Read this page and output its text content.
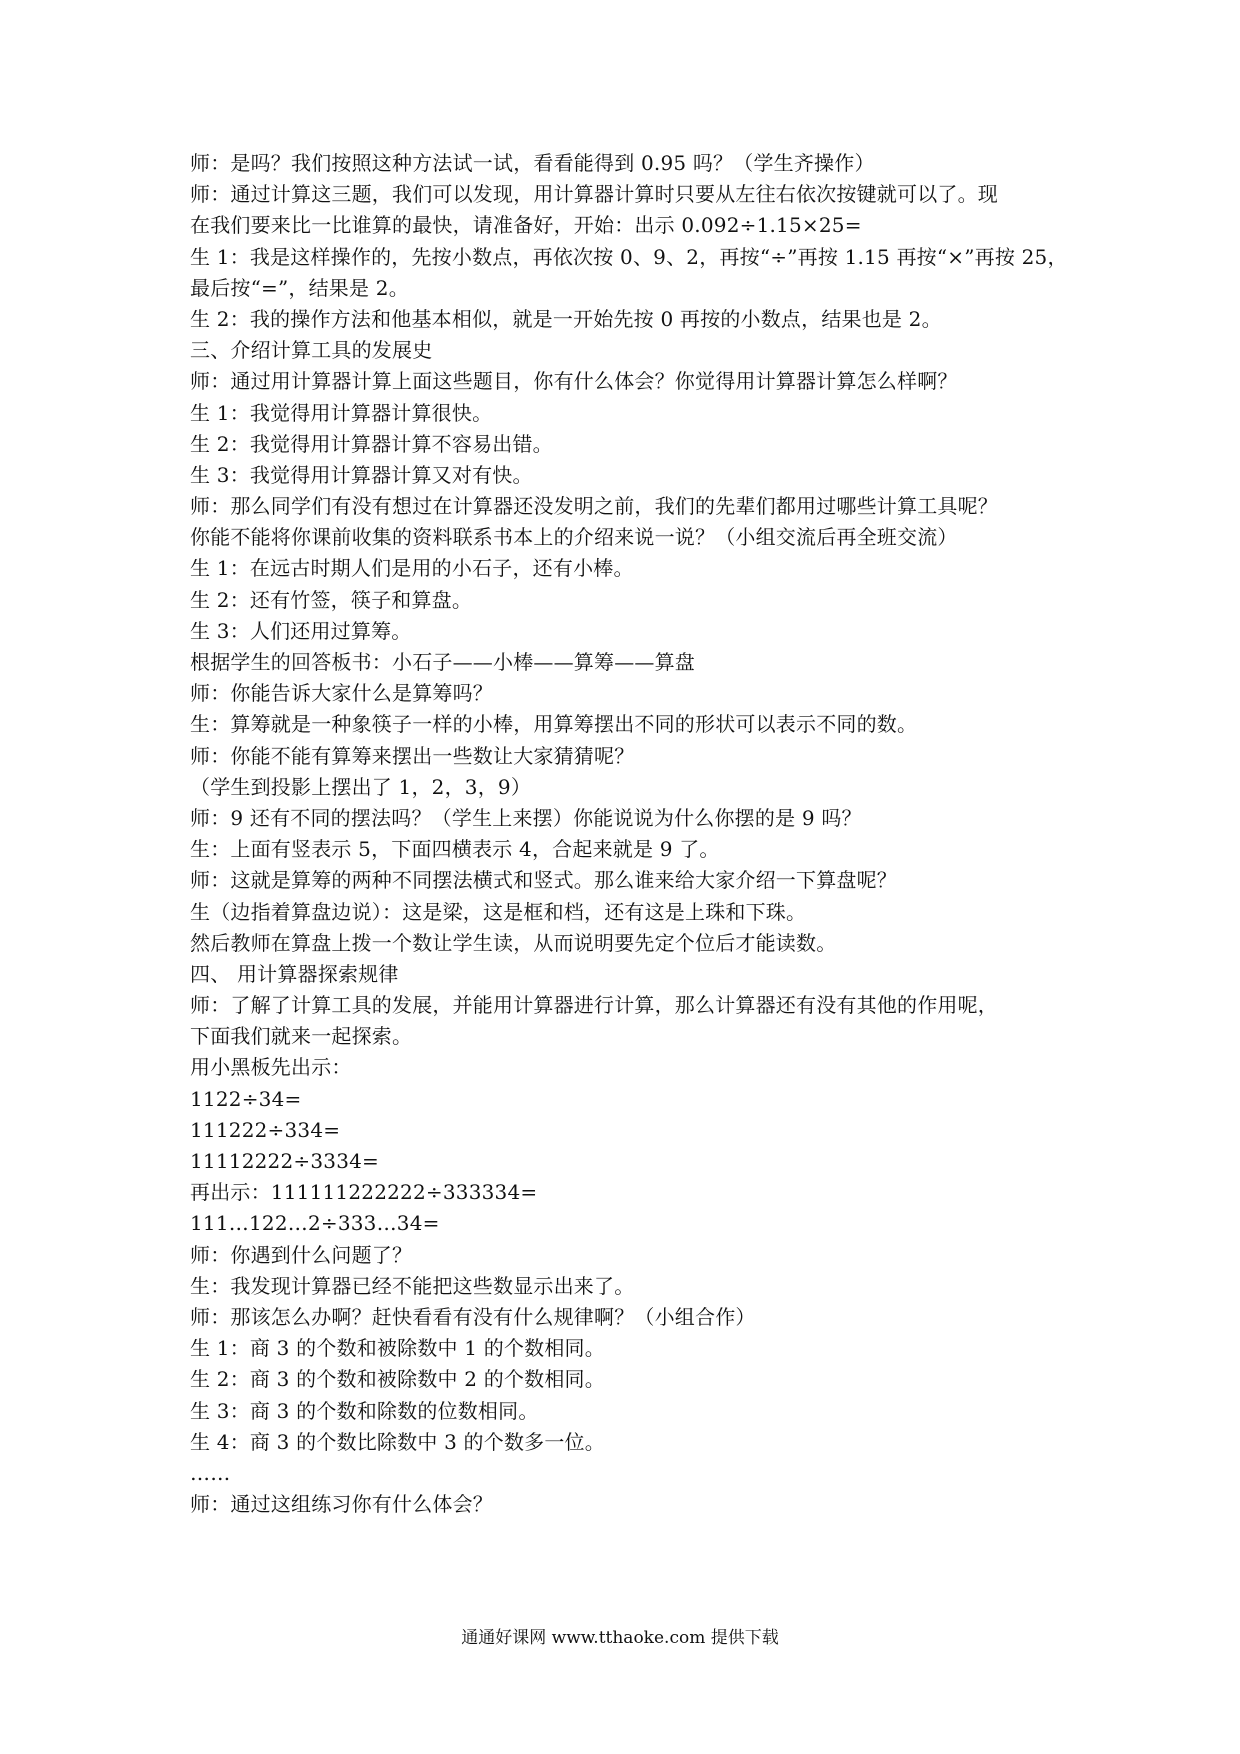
师：是吗？我们按照这种方法试一试，看看能得到 0.95 吗？（学生齐操作）
师：通过计算这三题，我们可以发现，用计算器计算时只要从左往右依次按键就可以了。现
在我们要来比一比谁算的最快，请准备好，开始：出示 0.092÷1.15×25=
生 1：我是这样操作的，先按小数点，再依次按 0、9、2，再按“÷”再按 1.15 再按“×”再按 25，
最后按“=”，结果是 2。
生 2：我的操作方法和他基本相似，就是一开始先按 0 再按的小数点，结果也是 2。
三、介绍计算工具的发展史
师：通过用计算器计算上面这些题目，你有什么体会？你觉得用计算器计算怎么样啊？
生 1：我觉得用计算器计算很快。
生 2：我觉得用计算器计算不容易出错。
生 3：我觉得用计算器计算又对有快。
师：那么同学们有没有想过在计算器还没发明之前，我们的先辈们都用过哪些计算工具呢？
你能不能将你课前收集的资料联系书本上的介绍来说一说？（小组交流后再全班交流）
生 1：在远古时期人们是用的小石子，还有小棒。
生 2：还有竹签，筷子和算盘。
生 3：人们还用过算筹。
根据学生的回答板书：小石子——小棒——算筹——算盘
师：你能告诉大家什么是算筹吗？
生：算筹就是一种象筷子一样的小棒，用算筹摆出不同的形状可以表示不同的数。
师：你能不能有算筹来摆出一些数让大家猜猜呢？
（学生到投影上摆出了 1，2，3，9）
师：9 还有不同的摆法吗？（学生上来摆）你能说说为什么你摆的是 9 吗？
生：上面有竖表示 5，下面四横表示 4，合起来就是 9 了。
师：这就是算筹的两种不同摆法横式和竖式。那么谁来给大家介绍一下算盘呢？
生（边指着算盘边说）：这是梁，这是框和档，还有这是上珠和下珠。
然后教师在算盘上拨一个数让学生读，从而说明要先定个位后才能读数。
四、 用计算器探索规律
师：了解了计算工具的发展，并能用计算器进行计算，那么计算器还有没有其他的作用呢，
下面我们就来一起探索。
用小黑板先出示：
1122÷34=
111222÷334=
11112222÷3334=
再出示：111111222222÷333334=
111…122…2÷333…34=
师：你遇到什么问题了？
生：我发现计算器已经不能把这些数显示出来了。
师：那该怎么办啊？赶快看看有没有什么规律啊？（小组合作）
生 1：商 3 的个数和被除数中 1 的个数相同。
生 2：商 3 的个数和被除数中 2 的个数相同。
生 3：商 3 的个数和除数的位数相同。
生 4：商 3 的个数比除数中 3 的个数多一位。
……
师：通过这组练习你有什么体会？
通通好课网 www.tthaoke.com 提供下载
